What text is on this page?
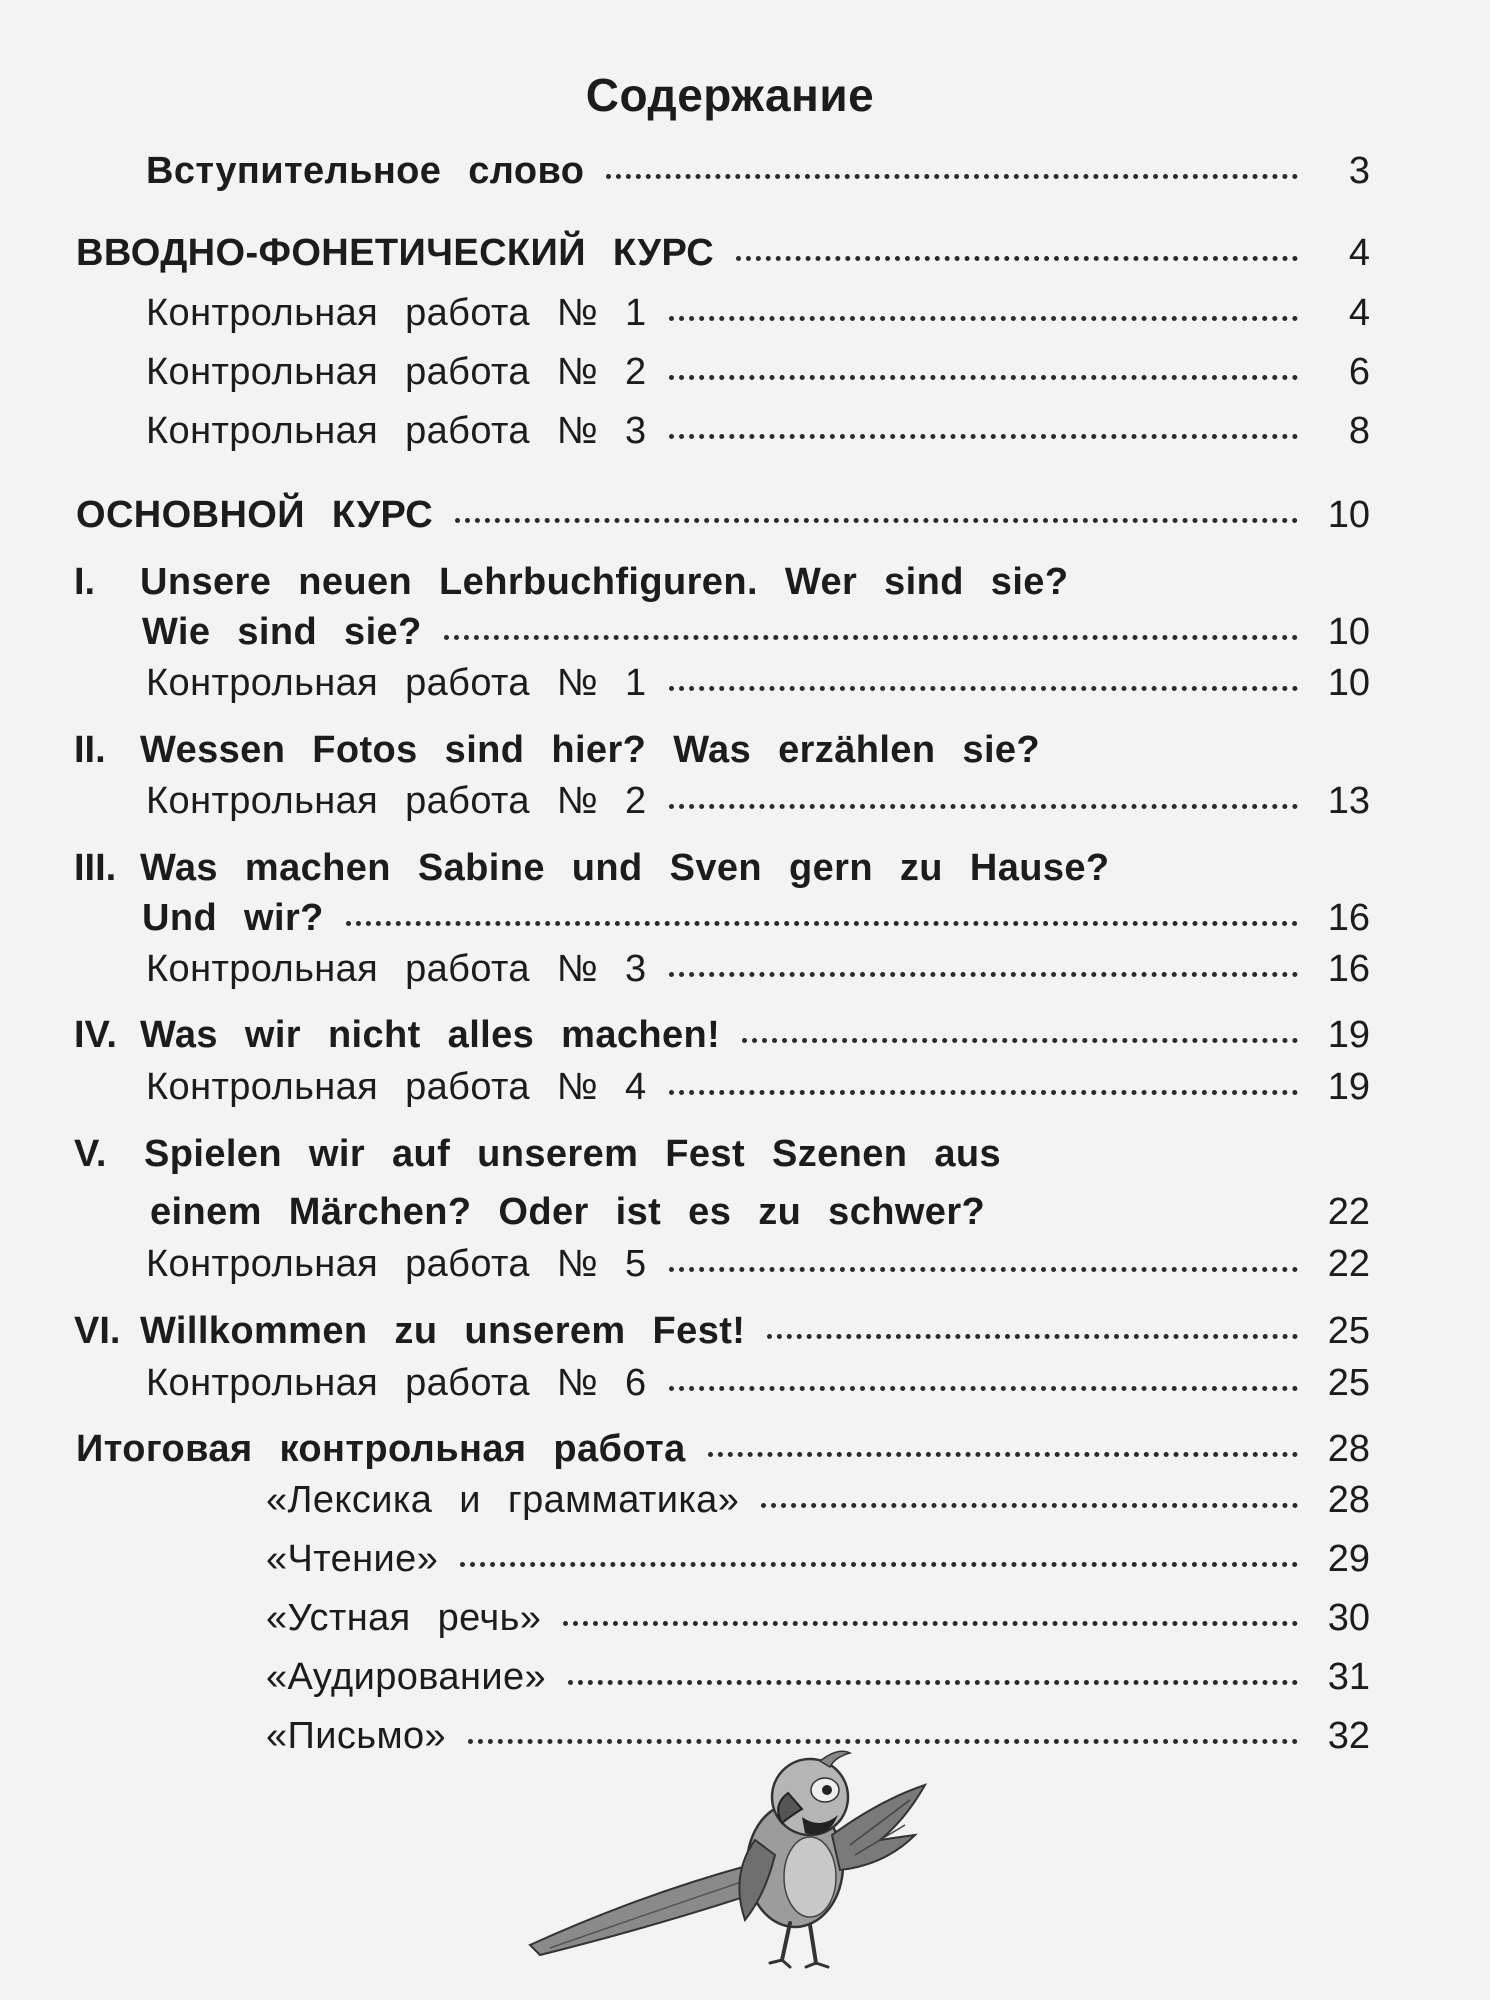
Содержание
Вступительное слово	3
ВВОДНО-ФОНЕТИЧЕСКИЙ КУРС	4
Контрольная работа № 1	4
Контрольная работа № 2	6
Контрольная работа № 3	8
ОСНОВНОЙ КУРС	10
I. Unsere neuen Lehrbuchfiguren. Wer sind sie?
Wie sind sie?	10
Контрольная работа № 1	10
II. Wessen Fotos sind hier? Was erzählen sie?
Контрольная работа № 2	13
III. Was machen Sabine und Sven gern zu Hause?
Und wir?	16
Контрольная работа № 3	16
IV. Was wir nicht alles machen!	19
Контрольная работа № 4	19
V. Spielen wir auf unserem Fest Szenen aus
einem Märchen? Oder ist es zu schwer?	22
Контрольная работа № 5	22
VI. Willkommen zu unserem Fest!	25
Контрольная работа № 6	25
Итоговая контрольная работа	28
«Лексика и грамматика»	28
«Чтение»	29
«Устная речь»	30
«Аудирование»	31
«Письмо»	32
